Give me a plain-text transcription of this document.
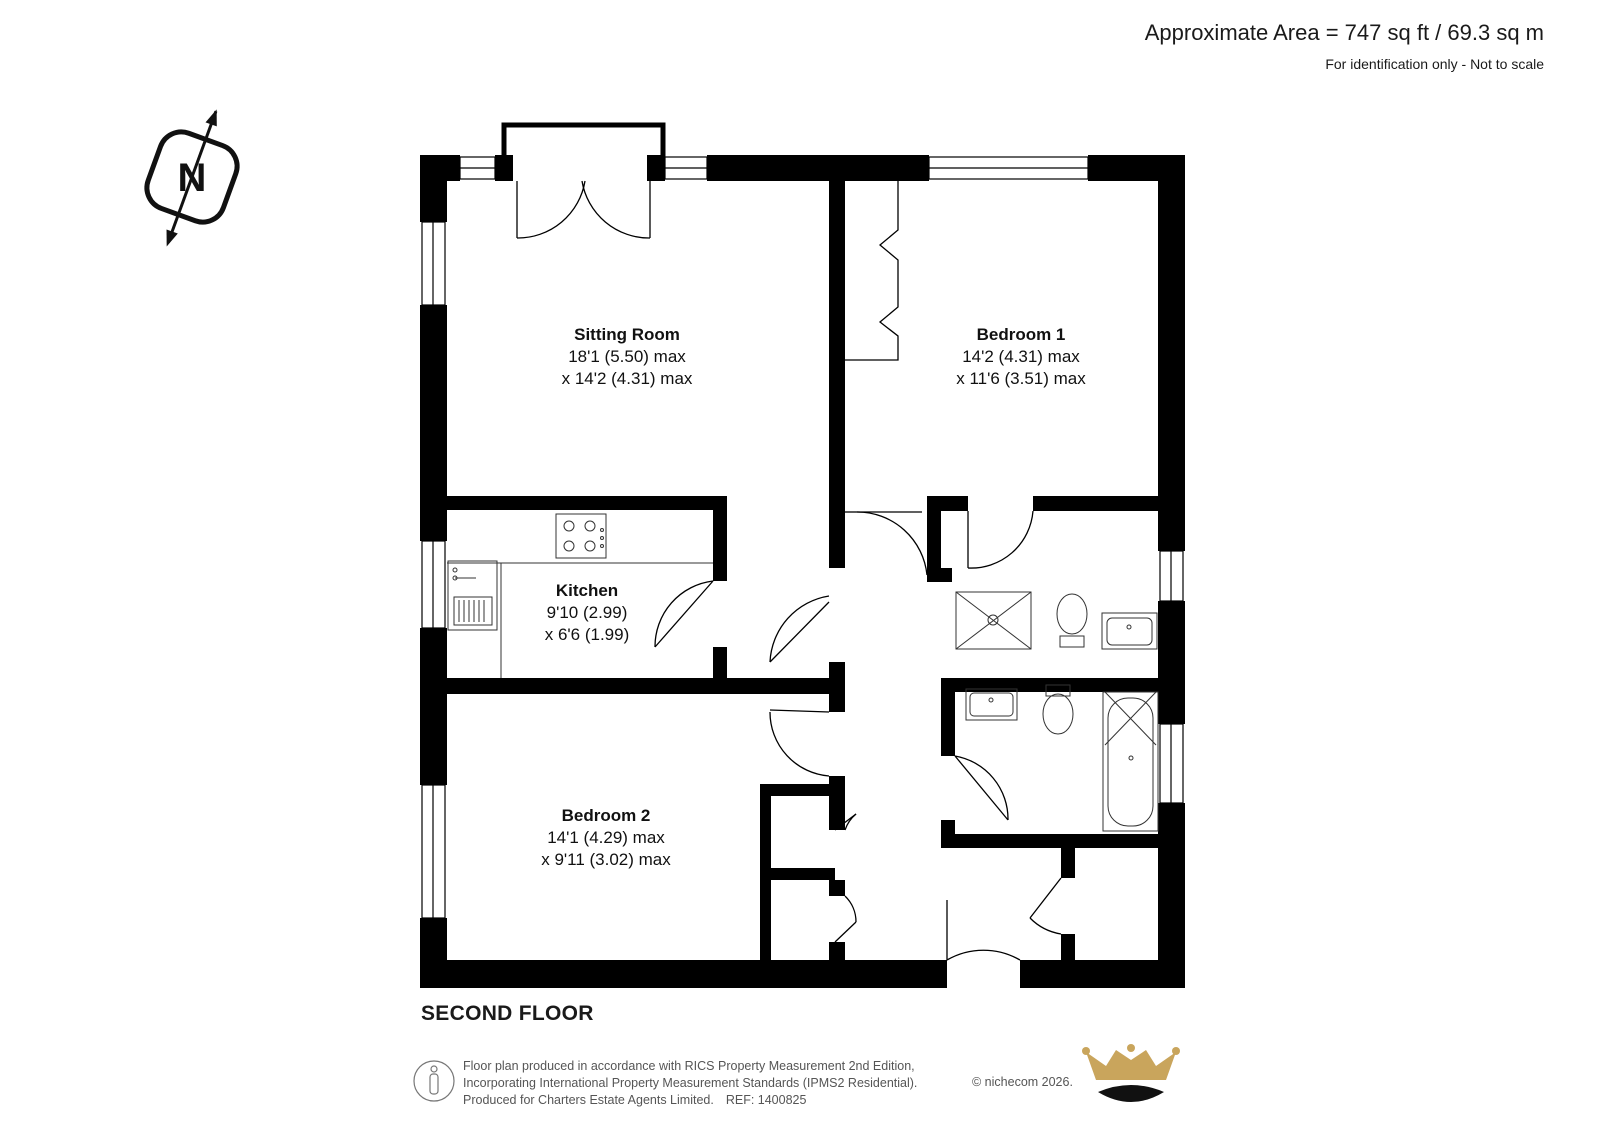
Approximate Area = 747 sq ft / 69.3 sq m
For identification only - Not to scale
N
Sitting Room
18'1 (5.50) max
x 14'2 (4.31) max
Bedroom 1
14'2 (4.31) max
x 11'6 (3.51) max
Kitchen
9'10 (2.99)
x 6'6 (1.99)
Bedroom 2
14'1 (4.29) max
x 9'11 (3.02) max
SECOND FLOOR
Floor plan produced in accordance with RICS Property Measurement 2nd Edition,
Incorporating International Property Measurement Standards (IPMS2 Residential).
Produced for Charters Estate Agents Limited. REF: 1400825
© nichecom 2026.
